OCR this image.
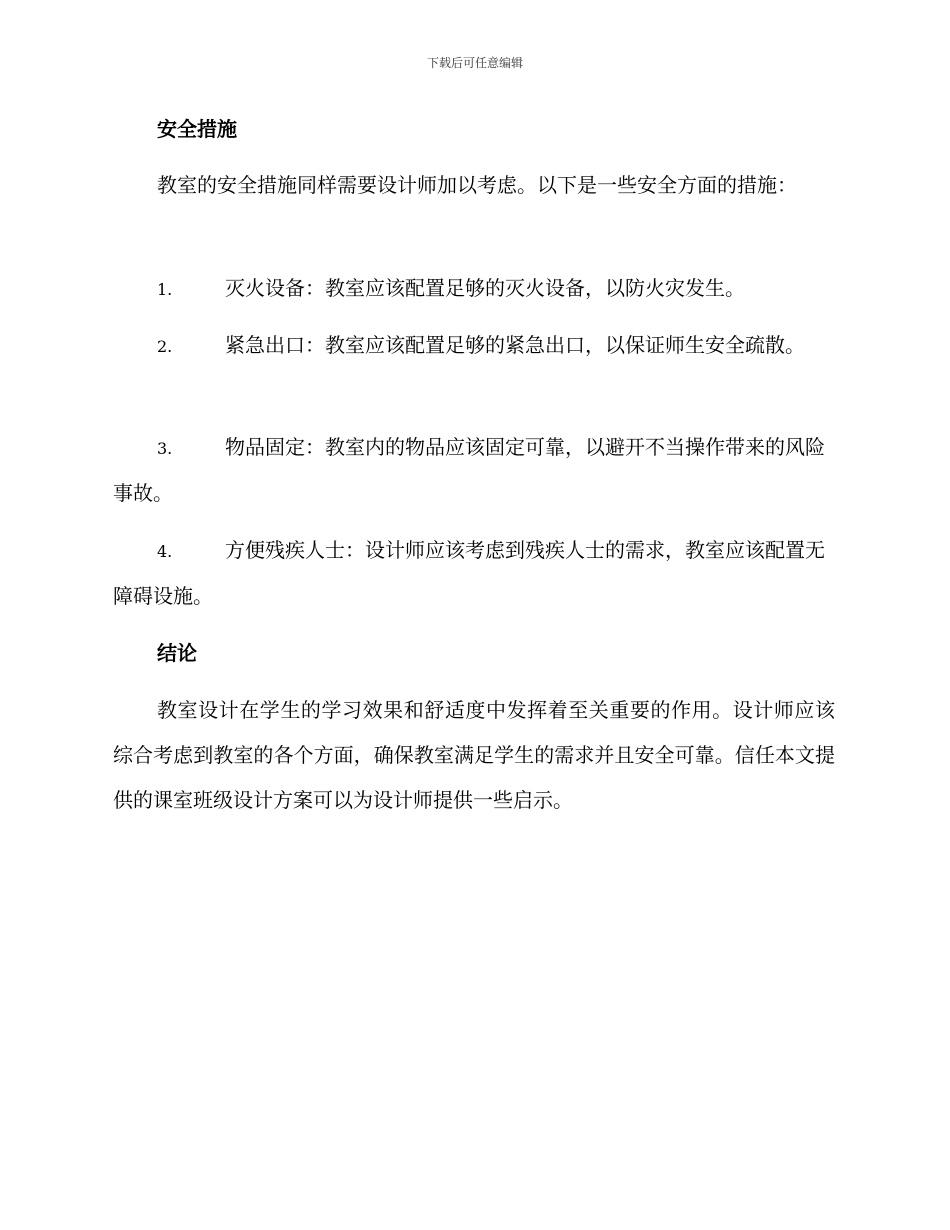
下载后可任意编辑
安全措施

教室的安全措施同样需要设计师加以考虑。以下是一些安全方面的措施：

1.	灭火设备：教室应该配置足够的灭火设备，以防火灾发生。

2.	紧急出口：教室应该配置足够的紧急出口，以保证师生安全疏散。

3.	物品固定：教室内的物品应该固定可靠，以避开不当操作带来的风险事故。

4.	方便残疾人士：设计师应该考虑到残疾人士的需求，教室应该配置无障碍设施。

结论

教室设计在学生的学习效果和舒适度中发挥着至关重要的作用。设计师应该综合考虑到教室的各个方面，确保教室满足学生的需求并且安全可靠。信任本文提供的课室班级设计方案可以为设计师提供一些启示。
